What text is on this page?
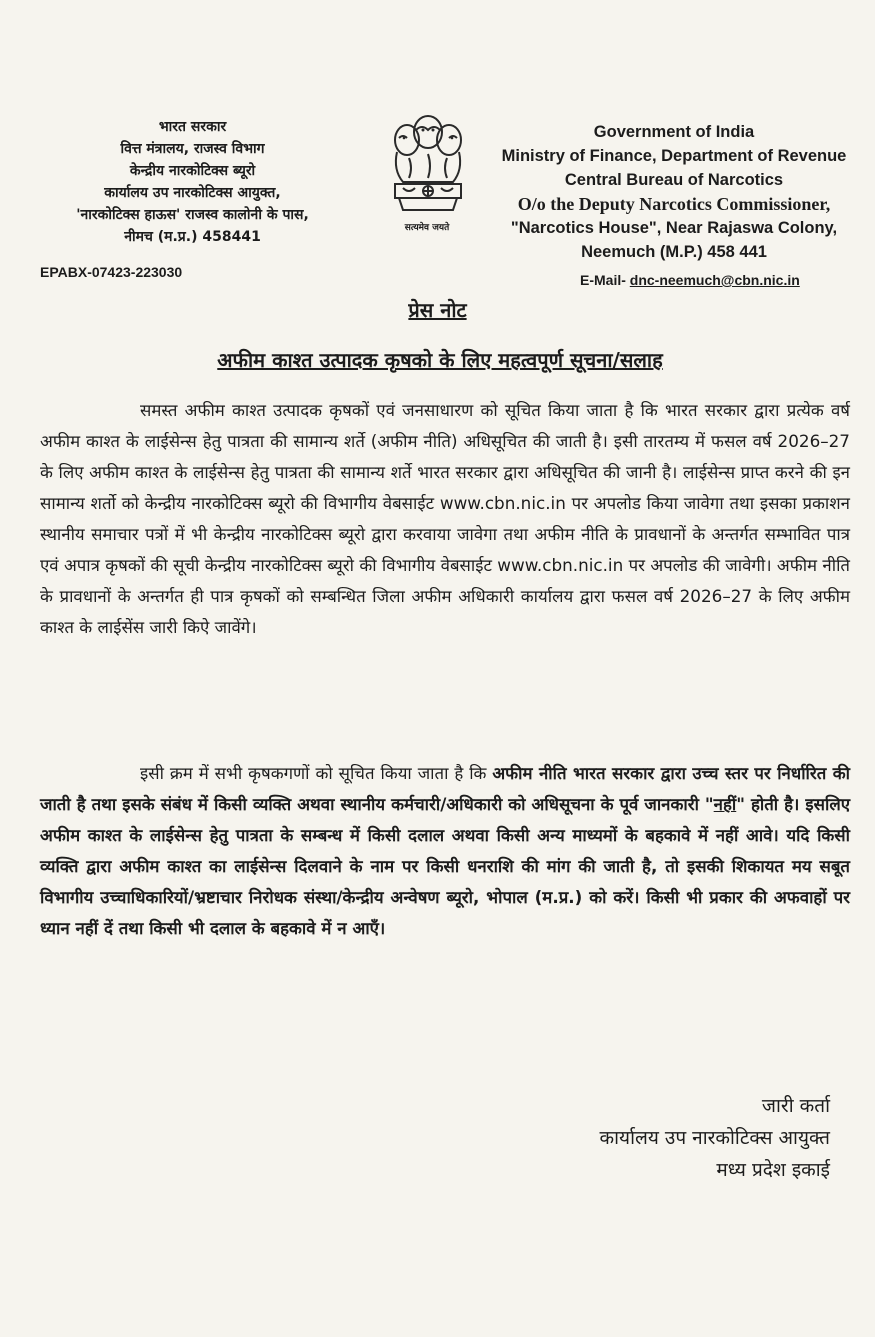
भारत सरकार
वित्त मंत्रालय, राजस्व विभाग
केन्द्रीय नारकोटिक्स ब्यूरो
कार्यालय उप नारकोटिक्स आयुक्त,
'नारकोटिक्स हाऊस' राजस्व कालोनी के पास,
नीमच (म.प्र.) 458441
सत्यमेव जयते
Government of India
Ministry of Finance, Department of Revenue
Central Bureau of Narcotics
O/o the Deputy Narcotics Commissioner,
"Narcotics House", Near Rajaswa Colony,
Neemuch (M.P.) 458 441
EPABX-07423-223030	E-Mail- dnc-neemuch@cbn.nic.in
प्रेस नोट
अफीम काश्त उत्पादक कृषको के लिए महत्वपूर्ण सूचना/सलाह
समस्त अफीम काश्त उत्पादक कृषकों एवं जनसाधारण को सूचित किया जाता है कि भारत सरकार द्वारा प्रत्येक वर्ष अफीम काश्त के लाईसेन्स हेतु पात्रता की सामान्य शर्ते (अफीम नीति) अधिसूचित की जाती है। इसी तारतम्य में फसल वर्ष 2026–27 के लिए अफीम काश्त के लाईसेन्स हेतु पात्रता की सामान्य शर्ते भारत सरकार द्वारा अधिसूचित की जानी है। लाईसेन्स प्राप्त करने की इन सामान्य शर्तो को केन्द्रीय नारकोटिक्स ब्यूरो की विभागीय वेबसाईट www.cbn.nic.in पर अपलोड किया जावेगा तथा इसका प्रकाशन स्थानीय समाचार पत्रों में भी केन्द्रीय नारकोटिक्स ब्यूरो द्वारा करवाया जावेगा तथा अफीम नीति के प्रावधानों के अन्तर्गत सम्भावित पात्र एवं अपात्र कृषकों की सूची केन्द्रीय नारकोटिक्स ब्यूरो की विभागीय वेबसाईट www.cbn.nic.in पर अपलोड की जावेगी। अफीम नीति के प्रावधानों के अन्तर्गत ही पात्र कृषकों को सम्बन्धित जिला अफीम अधिकारी कार्यालय द्वारा फसल वर्ष 2026–27 के लिए अफीम काश्त के लाईसेंस जारी किऐ जावेंगे।
इसी क्रम में सभी कृषकगणों को सूचित किया जाता है कि अफीम नीति भारत सरकार द्वारा उच्च स्तर पर निर्धारित की जाती है तथा इसके संबंध में किसी व्यक्ति अथवा स्थानीय कर्मचारी/अधिकारी को अधिसूचना के पूर्व जानकारी "नहीं" होती है। इसलिए अफीम काश्त के लाईसेन्स हेतु पात्रता के सम्बन्ध में किसी दलाल अथवा किसी अन्य माध्यमों के बहकावे में नहीं आवे। यदि किसी व्यक्ति द्वारा अफीम काश्त का लाईसेन्स दिलवाने के नाम पर किसी धनराशि की मांग की जाती है, तो इसकी शिकायत मय सबूत विभागीय उच्चाधिकारियों/भ्रष्टाचार निरोधक संस्था/केन्द्रीय अन्वेषण ब्यूरो, भोपाल (म.प्र.) को करें। किसी भी प्रकार की अफवाहों पर ध्यान नहीं दें तथा किसी भी दलाल के बहकावे में न आएँ।
जारी कर्ता
कार्यालय उप नारकोटिक्स आयुक्त
मध्य प्रदेश इकाई
